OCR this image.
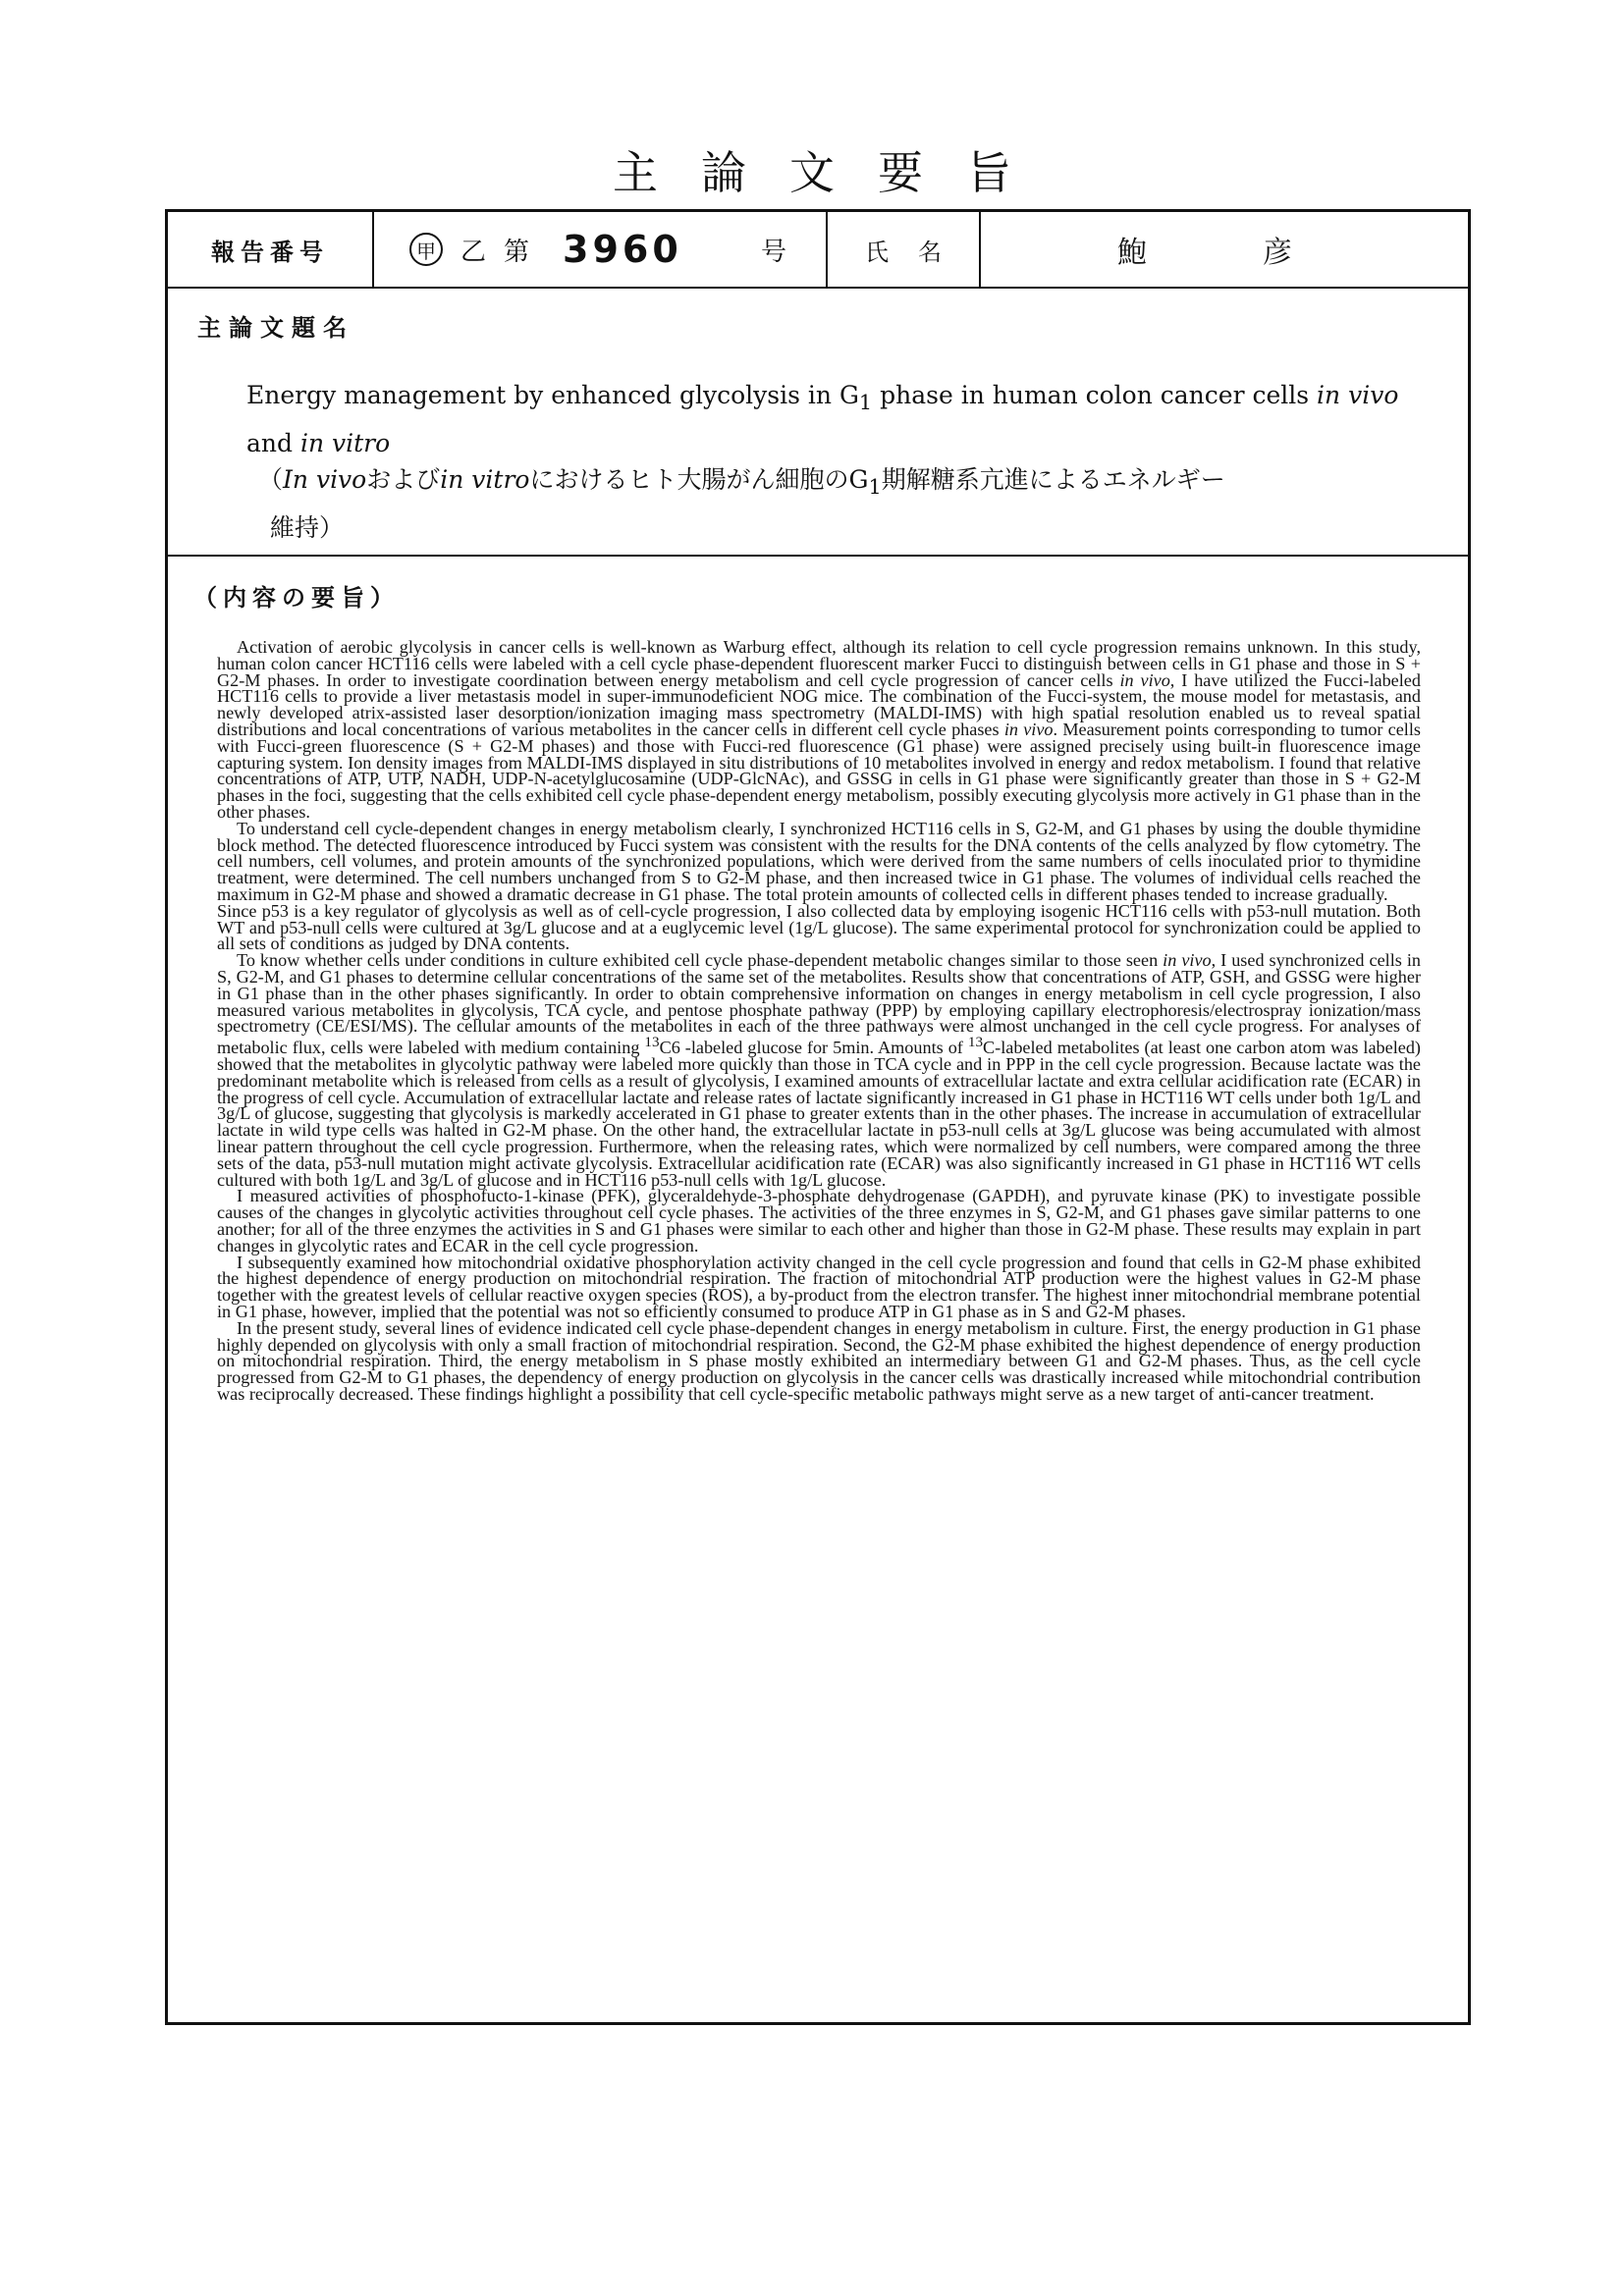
主論文要旨
報告番号	甲 乙 第 3960	号	氏名	鮑	彦
主論文題名
Energy management by enhanced glycolysis in $G_1$ phase in human colon cancer cells in vivo
and in vitro
（In vivoおよびin vitroにおけるヒト大腸がん細胞の$G_1$期解糖系亢進によるエネルギー
維持）
（内容の要旨）

Activation of aerobic glycolysis in cancer cells is well-known as Warburg effect, although its relation to cell cycle progression remains unknown. In this study, human colon cancer HCT116 cells were labeled with a cell cycle phase-dependent fluorescent marker Fucci to distinguish between cells in G1 phase and those in S + G2-M phases. In order to investigate coordination between energy metabolism and cell cycle progression of cancer cells in vivo, I have utilized the Fucci-labeled HCT116 cells to provide a liver metastasis model in super-immunodeficient NOG mice. The combination of the Fucci-system, the mouse model for metastasis, and newly developed atrix-assisted laser desorption/ionization imaging mass spectrometry (MALDI-IMS) with high spatial resolution enabled us to reveal spatial distributions and local concentrations of various metabolites in the cancer cells in different cell cycle phases in vivo. Measurement points corresponding to tumor cells with Fucci-green fluorescence (S + G2-M phases) and those with Fucci-red fluorescence (G1 phase) were assigned precisely using built-in fluorescence image capturing system. Ion density images from MALDI-IMS displayed in situ distributions of 10 metabolites involved in energy and redox metabolism. I found that relative concentrations of ATP, UTP, NADH, UDP-N-acetylglucosamine (UDP-GlcNAc), and GSSG in cells in G1 phase were significantly greater than those in S + G2-M phases in the foci, suggesting that the cells exhibited cell cycle phase-dependent energy metabolism, possibly executing glycolysis more actively in G1 phase than in the other phases.

To understand cell cycle-dependent changes in energy metabolism clearly, I synchronized HCT116 cells in S, G2-M, and G1 phases by using the double thymidine block method. The detected fluorescence introduced by Fucci system was consistent with the results for the DNA contents of the cells analyzed by flow cytometry. The cell numbers, cell volumes, and protein amounts of the synchronized populations, which were derived from the same numbers of cells inoculated prior to thymidine treatment, were determined. The cell numbers unchanged from S to G2-M phase, and then increased twice in G1 phase. The volumes of individual cells reached the maximum in G2-M phase and showed a dramatic decrease in G1 phase. The total protein amounts of collected cells in different phases tended to increase gradually.

Since p53 is a key regulator of glycolysis as well as of cell-cycle progression, I also collected data by employing isogenic HCT116 cells with p53-null mutation. Both WT and p53-null cells were cultured at 3g/L glucose and at a euglycemic level (1g/L glucose). The same experimental protocol for synchronization could be applied to all sets of conditions as judged by DNA contents.

To know whether cells under conditions in culture exhibited cell cycle phase-dependent metabolic changes similar to those seen in vivo, I used synchronized cells in S, G2-M, and G1 phases to determine cellular concentrations of the same set of the metabolites. Results show that concentrations of ATP, GSH, and GSSG were higher in G1 phase than in the other phases significantly. In order to obtain comprehensive information on changes in energy metabolism in cell cycle progression, I also measured various metabolites in glycolysis, TCA cycle, and pentose phosphate pathway (PPP) by employing capillary electrophoresis/electrospray ionization/mass spectrometry (CE/ESI/MS). The cellular amounts of the metabolites in each of the three pathways were almost unchanged in the cell cycle progress. For analyses of metabolic flux, cells were labeled with medium containing $^{13}$C6 -labeled glucose for 5min. Amounts of $^{13}$C-labeled metabolites (at least one carbon atom was labeled) showed that the metabolites in glycolytic pathway were labeled more quickly than those in TCA cycle and in PPP in the cell cycle progression. Because lactate was the predominant metabolite which is released from cells as a result of glycolysis, I examined amounts of extracellular lactate and extra cellular acidification rate (ECAR) in the progress of cell cycle. Accumulation of extracellular lactate and release rates of lactate significantly increased in G1 phase in HCT116 WT cells under both 1g/L and 3g/L of glucose, suggesting that glycolysis is markedly accelerated in G1 phase to greater extents than in the other phases. The increase in accumulation of extracellular lactate in wild type cells was halted in G2-M phase. On the other hand, the extracellular lactate in p53-null cells at 3g/L glucose was being accumulated with almost linear pattern throughout the cell cycle progression. Furthermore, when the releasing rates, which were normalized by cell numbers, were compared among the three sets of the data, p53-null mutation might activate glycolysis. Extracellular acidification rate (ECAR) was also significantly increased in G1 phase in HCT116 WT cells cultured with both 1g/L and 3g/L of glucose and in HCT116 p53-null cells with 1g/L glucose.

I measured activities of phosphofucto-1-kinase (PFK), glyceraldehyde-3-phosphate dehydrogenase (GAPDH), and pyruvate kinase (PK) to investigate possible causes of the changes in glycolytic activities throughout cell cycle phases. The activities of the three enzymes in S, G2-M, and G1 phases gave similar patterns to one another; for all of the three enzymes the activities in S and G1 phases were similar to each other and higher than those in G2-M phase. These results may explain in part changes in glycolytic rates and ECAR in the cell cycle progression.

I subsequently examined how mitochondrial oxidative phosphorylation activity changed in the cell cycle progression and found that cells in G2-M phase exhibited the highest dependence of energy production on mitochondrial respiration. The fraction of mitochondrial ATP production were the highest values in G2-M phase together with the greatest levels of cellular reactive oxygen species (ROS), a by-product from the electron transfer. The highest inner mitochondrial membrane potential in G1 phase, however, implied that the potential was not so efficiently consumed to produce ATP in G1 phase as in S and G2-M phases.

In the present study, several lines of evidence indicated cell cycle phase-dependent changes in energy metabolism in culture. First, the energy production in G1 phase highly depended on glycolysis with only a small fraction of mitochondrial respiration. Second, the G2-M phase exhibited the highest dependence of energy production on mitochondrial respiration. Third, the energy metabolism in S phase mostly exhibited an intermediary between G1 and G2-M phases. Thus, as the cell cycle progressed from G2-M to G1 phases, the dependency of energy production on glycolysis in the cancer cells was drastically increased while mitochondrial contribution was reciprocally decreased. These findings highlight a possibility that cell cycle-specific metabolic pathways might serve as a new target of anti-cancer treatment.
